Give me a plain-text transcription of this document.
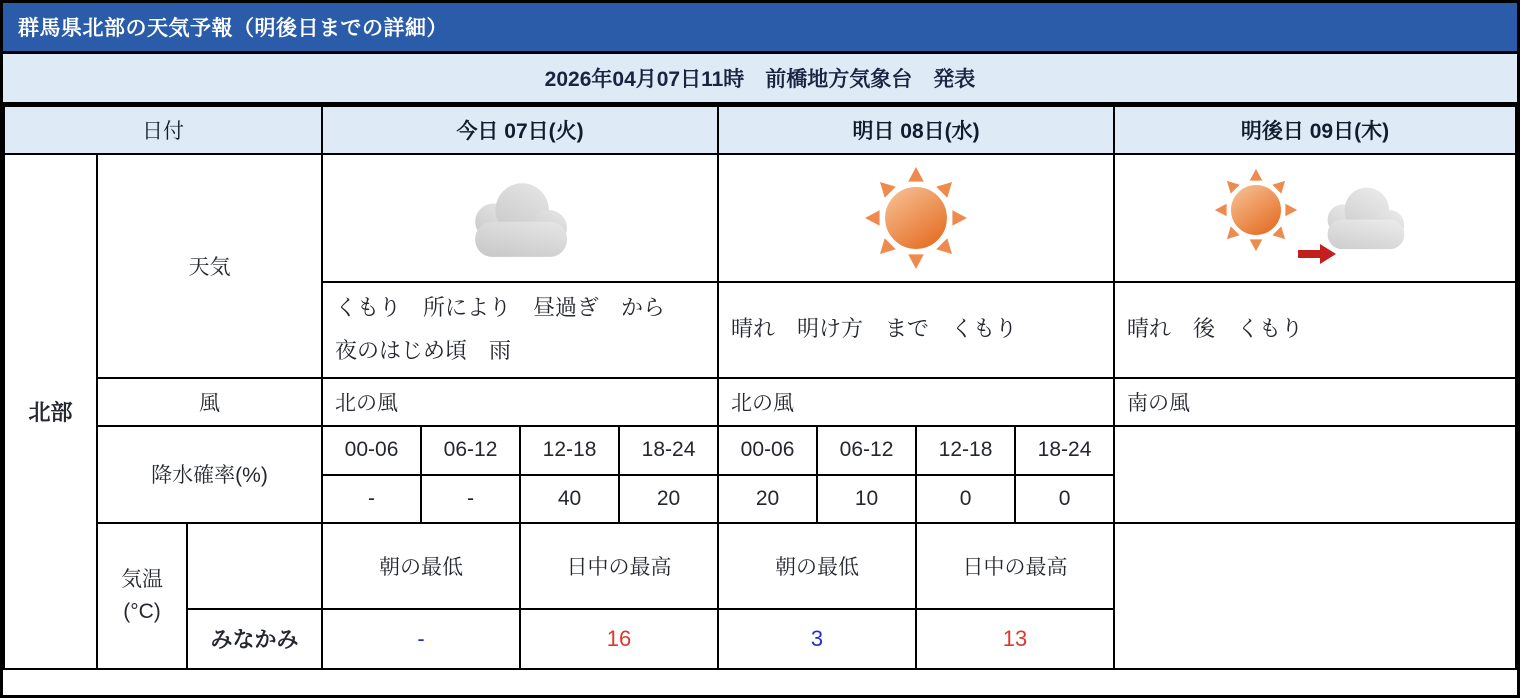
群馬県北部の天気予報（明後日までの詳細）
2026年04月07日11時　前橋地方気象台　発表
日付			今日 07日(火)				明日 08日(水)				明後日 09日(木)
北部	天気	

			くもり　所により　昼過ぎ　から　夜のはじめ頃　雨				晴れ　明け方　まで　くもり				晴れ　後　くもり
	風		北の風				北の風				南の風
	降水確率(%)		00-06	06-12	12-18	18-24	00-06	06-12	12-18	18-24	
			-	-	40	20	20	10	0	0	
	気温 (°C)		朝の最低		日中の最高		朝の最低		日中の最高		
		みなかみ	-		16		3		13		
